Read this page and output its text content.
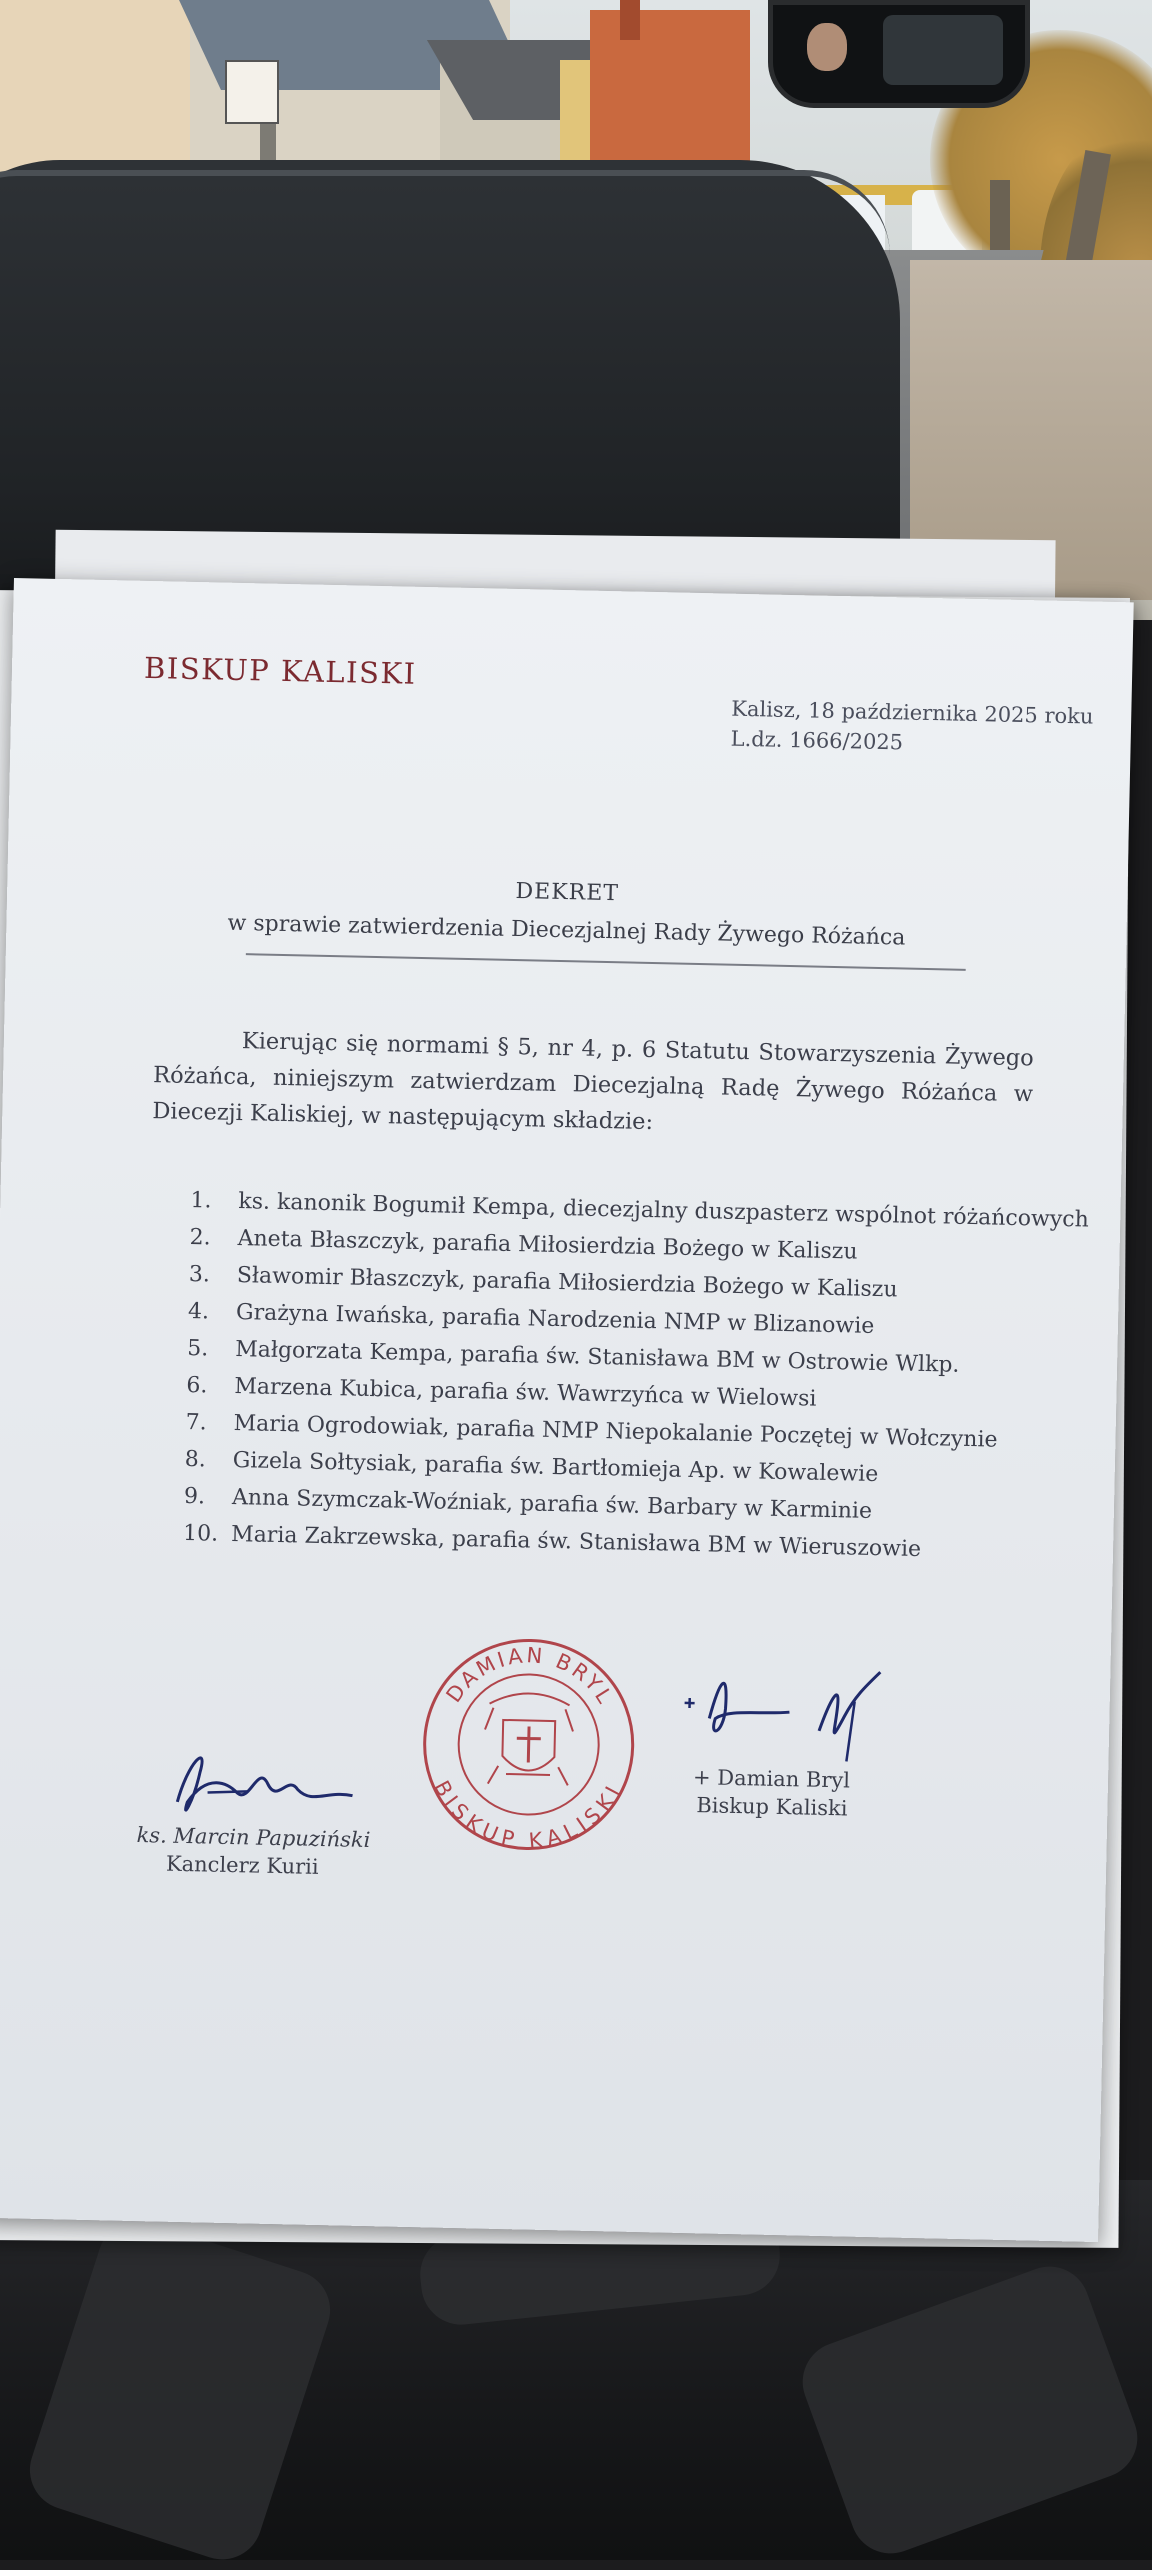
BISKUP KALISKI
Kalisz, 18 października 2025 roku
L.dz. 1666/2025
DEKRET
w sprawie zatwierdzenia Diecezjalnej Rady Żywego Różańca
Kierując się normami § 5, nr 4, p. 6 Statutu Stowarzyszenia Żywego Różańca, niniejszym zatwierdzam Diecezjalną Radę Żywego Różańca w Diecezji Kaliskiej, w następującym składzie:
1.	ks. kanonik Bogumił Kempa, diecezjalny duszpasterz wspólnot różańcowych
2.	Aneta Błaszczyk, parafia Miłosierdzia Bożego w Kaliszu
3.	Sławomir Błaszczyk, parafia Miłosierdzia Bożego w Kaliszu
4.	Grażyna Iwańska, parafia Narodzenia NMP w Blizanowie
5.	Małgorzata Kempa, parafia św. Stanisława BM w Ostrowie Wlkp.
6.	Marzena Kubica, parafia św. Wawrzyńca w Wielowsi
7.	Maria Ogrodowiak, parafia NMP Niepokalanie Poczętej w Wołczynie
8.	Gizela Sołtysiak, parafia św. Bartłomieja Ap. w Kowalewie
9.	Anna Szymczak-Woźniak, parafia św. Barbary w Karminie
10. Maria Zakrzewska, parafia św. Stanisława BM w Wieruszowie
DAMIAN BRYL
BISKUP KALISKI	+ Damian Bryl
Biskup Kaliski
ks. Marcin Papuziński
Kanclerz Kurii
